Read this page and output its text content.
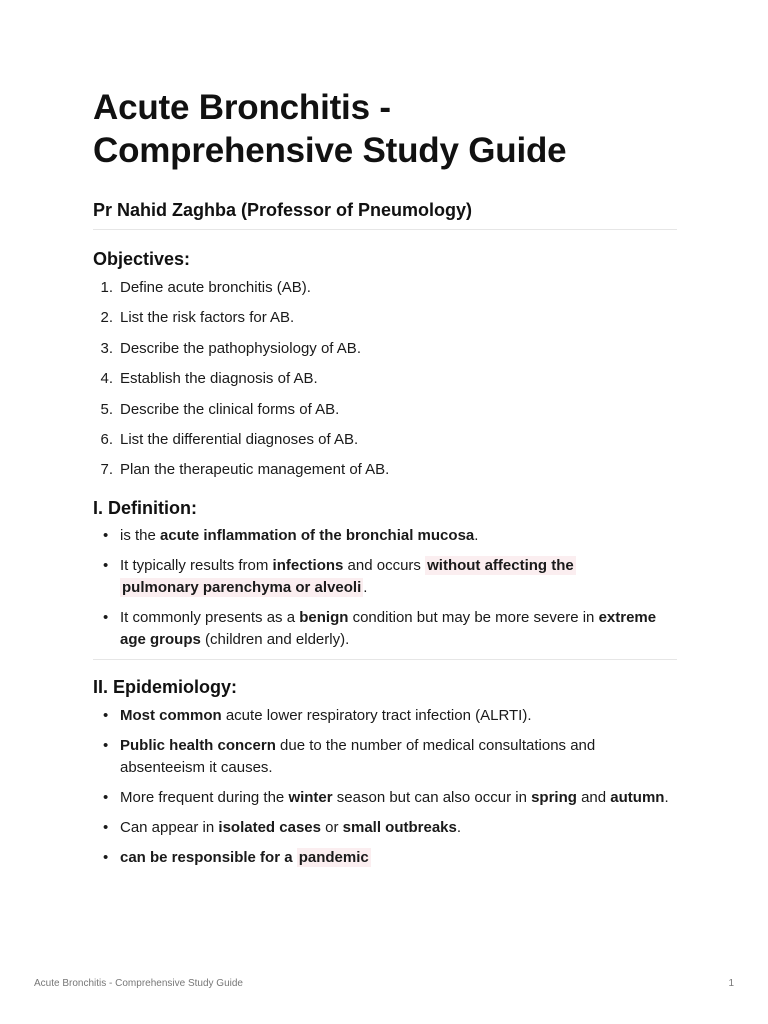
Acute Bronchitis -
Comprehensive Study Guide
Pr Nahid Zaghba (Professor of Pneumology)
Objectives:
1. Define acute bronchitis (AB).
2. List the risk factors for AB.
3. Describe the pathophysiology of AB.
4. Establish the diagnosis of AB.
5. Describe the clinical forms of AB.
6. List the differential diagnoses of AB.
7. Plan the therapeutic management of AB.
I. Definition:
• is the acute inflammation of the bronchial mucosa.
• It typically results from infections and occurs without affecting the
pulmonary parenchyma or alveoli .
• It commonly presents as a benign condition but may be more severe in extreme age groups (children and elderly).
II. Epidemiology:
• Most common acute lower respiratory tract infection (ALRTI).
• Public health concern due to the number of medical consultations and absenteeism it causes.
• More frequent during the winter season but can also occur in spring and autumn.
• Can appear in isolated cases or small outbreaks.
• can be responsible for a pandemic
Acute Bronchitis - Comprehensive Study Guide	1
